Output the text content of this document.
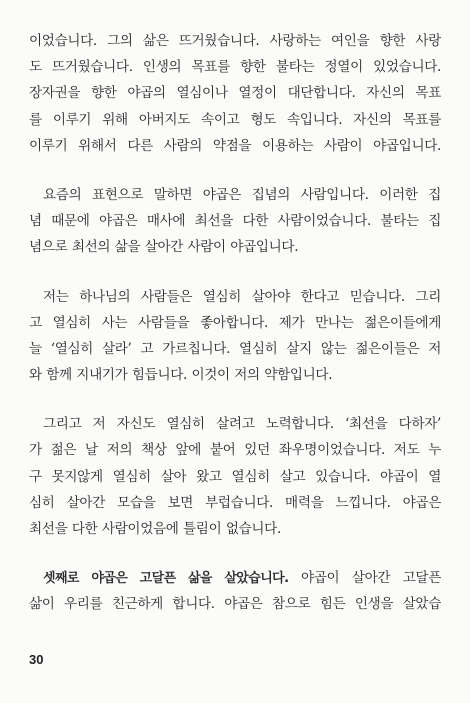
이었습니다. 그의 삶은 뜨거웠습니다. 사랑하는 여인을 향한 사랑
도 뜨거웠습니다. 인생의 목표를 향한 불타는 정열이 있었습니다.
장자권을 향한 야곱의 열심이나 열정이 대단합니다. 자신의 목표
를 이루기 위해 아버지도 속이고 형도 속입니다. 자신의 목표를
이루기 위해서 다른 사람의 약점을 이용하는 사람이 야곱입니다.
요즘의 표현으로 말하면 야곱은 집념의 사람입니다. 이러한 집
념 때문에 야곱은 매사에 최선을 다한 사람이었습니다. 불타는 집
념으로 최선의 삶을 살아간 사람이 야곱입니다.
저는 하나님의 사람들은 열심히 살아야 한다고 믿습니다. 그리
고 열심히 사는 사람들을 좋아합니다. 제가 만나는 젊은이들에게
늘 ‘열심히 살라’ 고 가르칩니다. 열심히 살지 않는 젊은이들은 저
와 함께 지내기가 힘듭니다. 이것이 저의 약함입니다.
그리고 저 자신도 열심히 살려고 노력합니다. ‘최선을 다하자’
가 젊은 날 저의 책상 앞에 붙어 있던 좌우명이었습니다. 저도 누
구 못지않게 열심히 살아 왔고 열심히 살고 있습니다. 야곱이 열
심히 살아간 모습을 보면 부럽습니다. 매력을 느낍니다. 야곱은
최선을 다한 사람이었음에 틀림이 없습니다.
셋째로 야곱은 고달픈 삶을 살았습니다. 야곱이 살아간 고달픈
삶이 우리를 친근하게 합니다. 야곱은 참으로 힘든 인생을 살았습
30
